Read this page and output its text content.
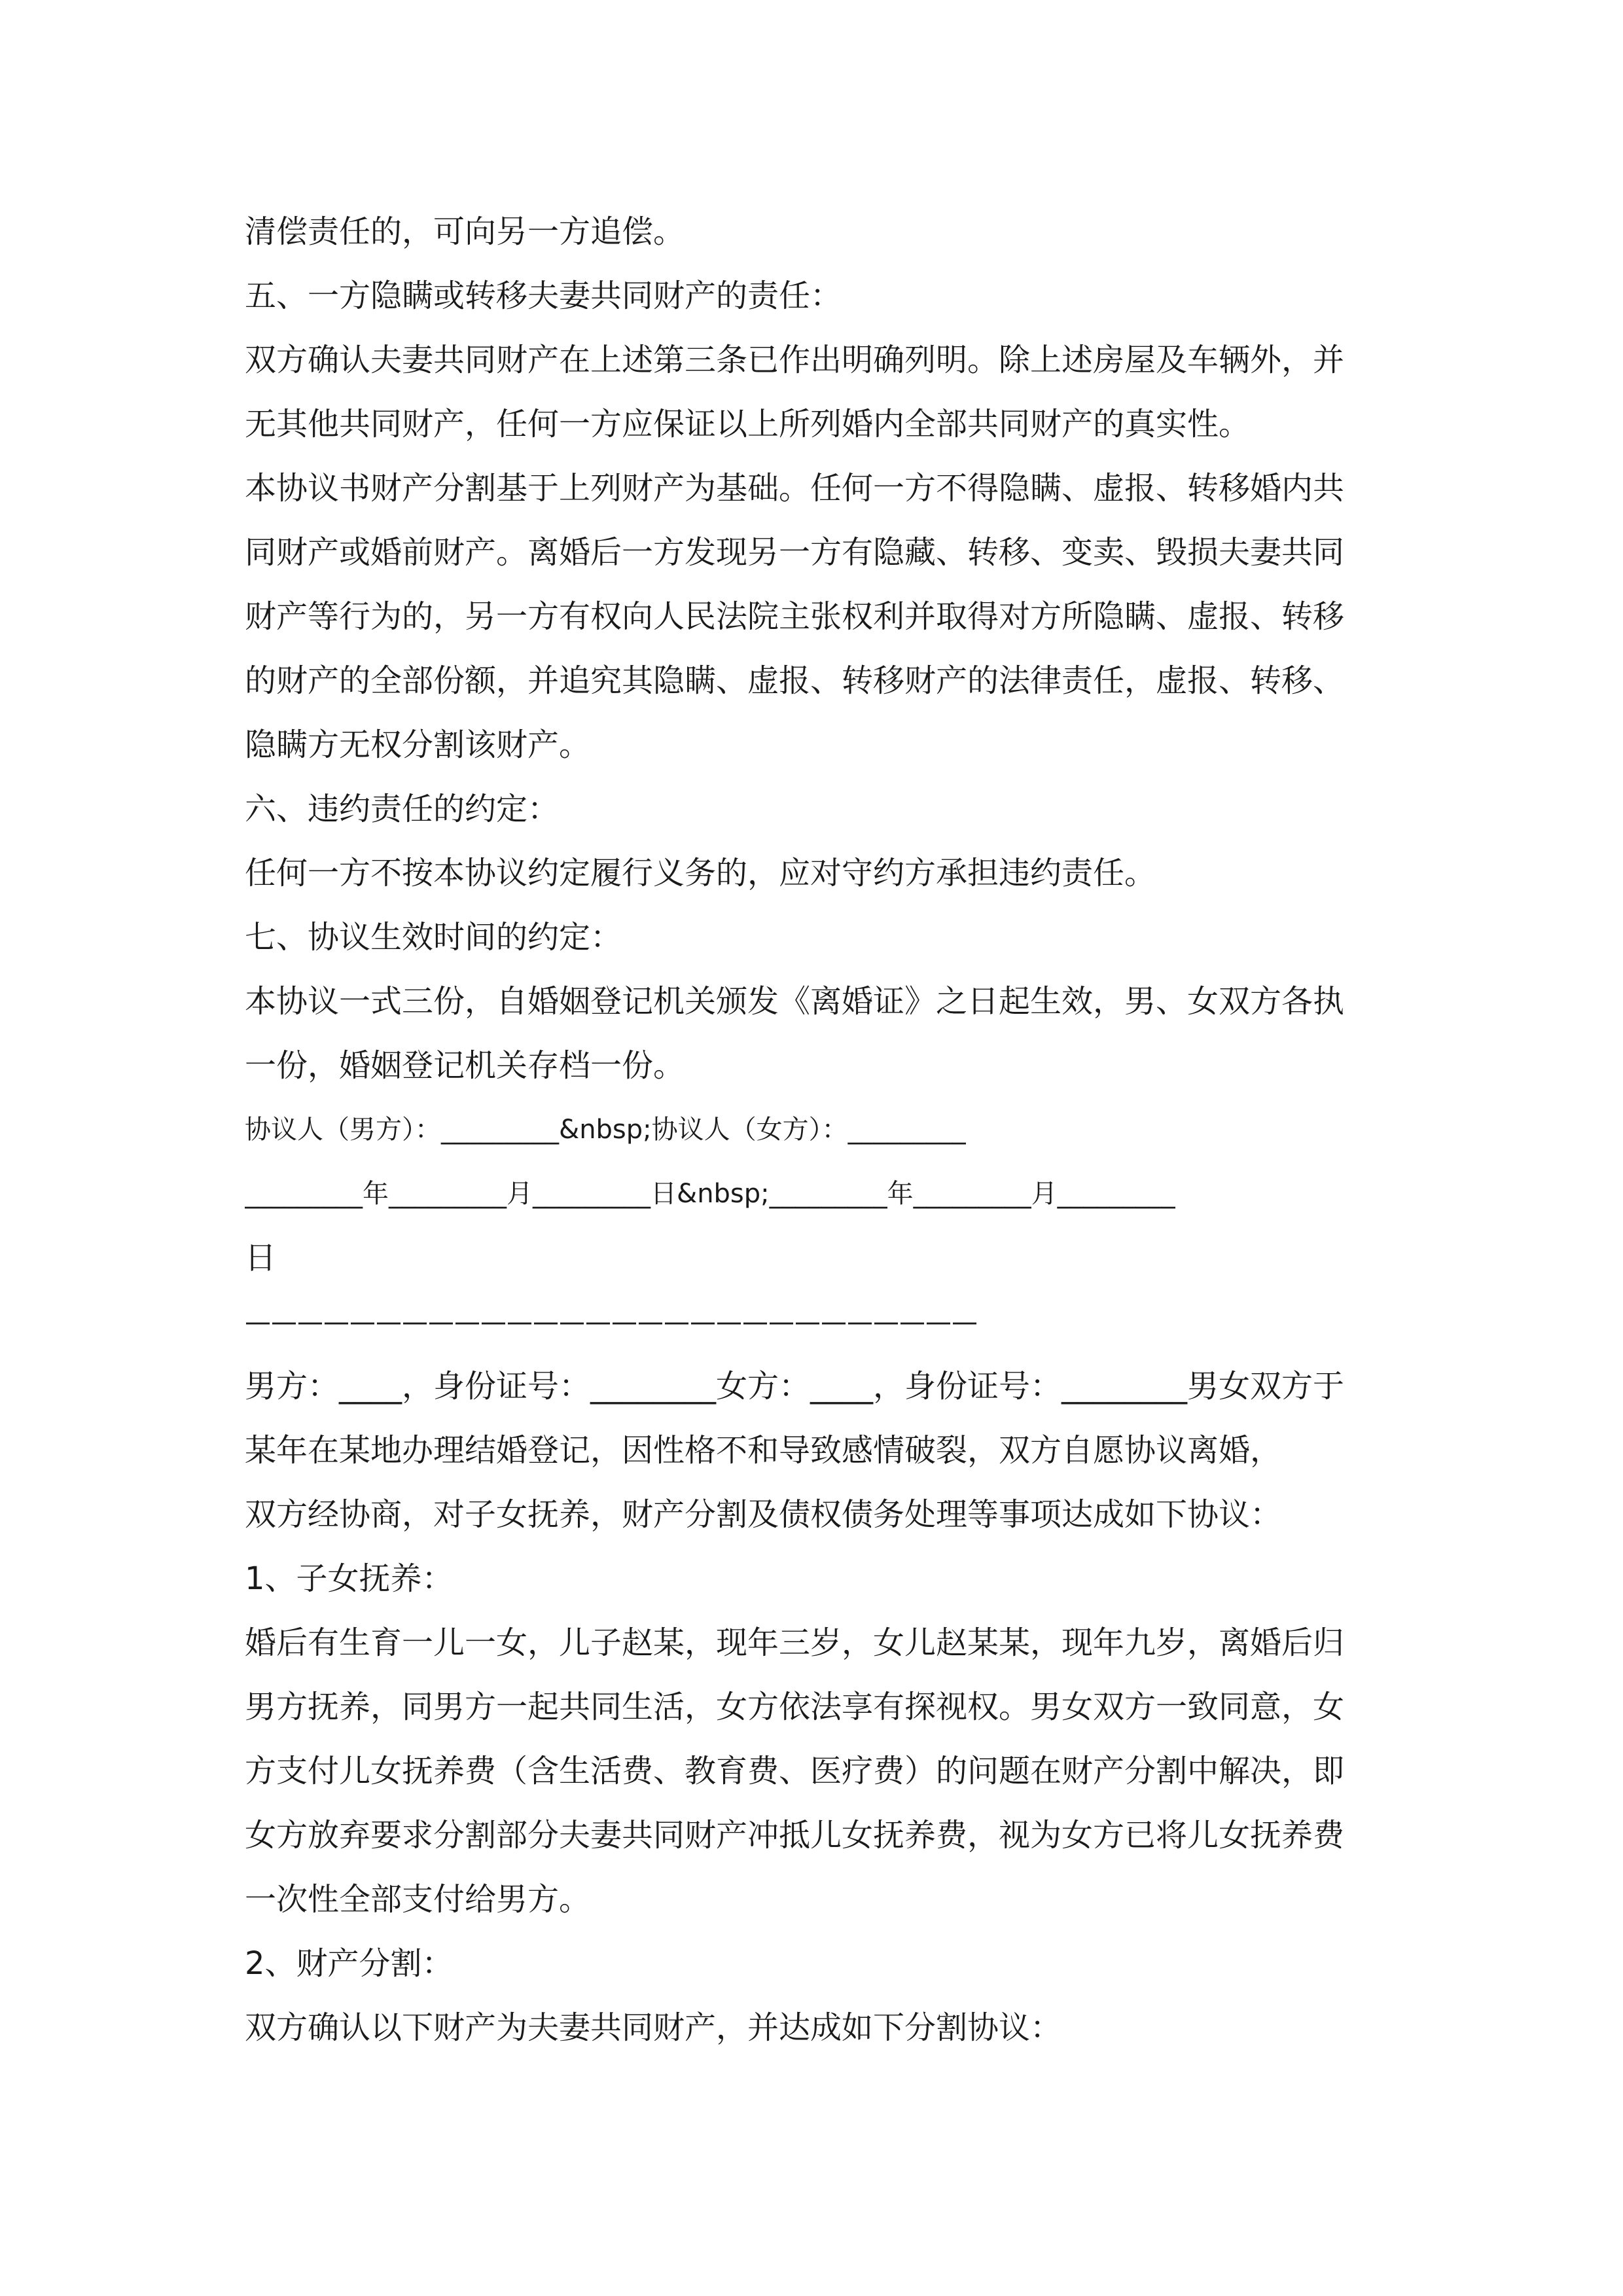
清偿责任的，可向另一方追偿。
五、一方隐瞒或转移夫妻共同财产的责任：
双方确认夫妻共同财产在上述第三条已作出明确列明。除上述房屋及车辆外，并
无其他共同财产，任何一方应保证以上所列婚内全部共同财产的真实性。
本协议书财产分割基于上列财产为基础。任何一方不得隐瞒、虚报、转移婚内共
同财产或婚前财产。离婚后一方发现另一方有隐藏、转移、变卖、毁损夫妻共同
财产等行为的，另一方有权向人民法院主张权利并取得对方所隐瞒、虚报、转移
的财产的全部份额，并追究其隐瞒、虚报、转移财产的法律责任，虚报、转移、
隐瞒方无权分割该财产。
六、违约责任的约定：
任何一方不按本协议约定履行义务的，应对守约方承担违约责任。
七、协议生效时间的约定：
本协议一式三份，自婚姻登记机关颁发《离婚证》之日起生效，男、女双方各执
一份，婚姻登记机关存档一份。
协议人（男方）：_________&nbsp;协议人（女方）：_________
_________年_________月_________日&nbsp;_________年_________月_________
日
————————————————————————————
男方：____，身份证号：________女方：____，身份证号：________男女双方于
某年在某地办理结婚登记，因性格不和导致感情破裂，双方自愿协议离婚，
双方经协商，对子女抚养，财产分割及债权债务处理等事项达成如下协议：
1、子女抚养：
婚后有生育一儿一女，儿子赵某，现年三岁，女儿赵某某，现年九岁，离婚后归
男方抚养，同男方一起共同生活，女方依法享有探视权。男女双方一致同意，女
方支付儿女抚养费（含生活费、教育费、医疗费）的问题在财产分割中解决，即
女方放弃要求分割部分夫妻共同财产冲抵儿女抚养费，视为女方已将儿女抚养费
一次性全部支付给男方。
2、财产分割：
双方确认以下财产为夫妻共同财产，并达成如下分割协议：
